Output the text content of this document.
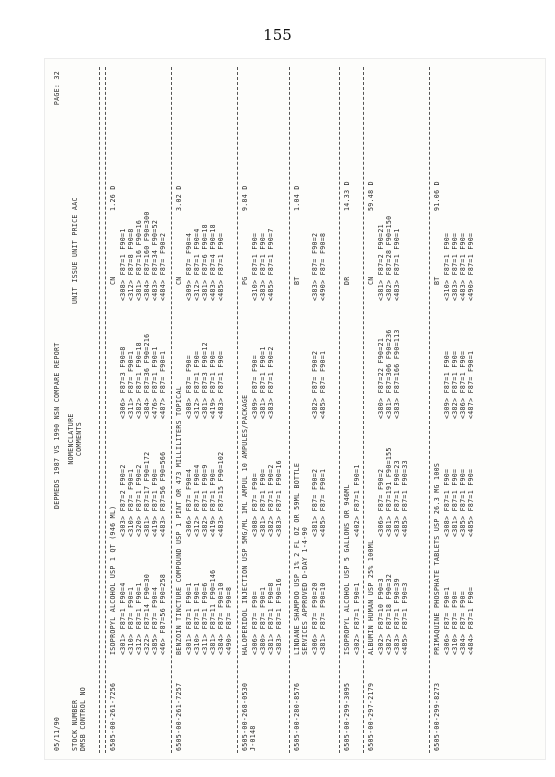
155
05/11/90
DEPMEDS 1987 VS 1990 NSN COMPARE REPORT
PAGE: 32
STOCK NUMBER DMSB CONTROL NO
NOMENCLATURE COMMENTS
UNIT ISSUE UNIT PRICE AAC
6505-00-261-7256
ISOPROPYL ALCOHOL USP 1 QT (946 ML)
CN
1.26 D
<301> F87=1 F90=4 <310> F87= F90=1 <312> F87=1 F90=1 <322> F87=14 F90=30 <385> F87= F90=4 <46> F87=56 F90=258
<303> F87=2 F90=2 <310> F87= F90=1 <320> F87=1 F90=2 <381> F87=17 F90=172 <419> F87=1 F90= <483> F87=56 F90=566
<306> F87=3 F90=8 <311> F87= F90=1 <382> F87=1 F90=18 <384> F87=36 F90=216 <476> F87=1 F90=1 <487> F87= F90=1
<308> F87=1 F90=1 <312> F87=8 F90=8 <381> F87=16 F90=16 <384> F87=160 F90=300 <483> F87=34 F90=52 <484> F87= F90=2
6505-00-261-7257
BENZOIN TINCTURE COMPOUND USP 1 PINT OR 473 MILLILITERS TOPICAL
CN
3.02 D
<301> F87=1 F90=1 <310> F87=1 F90=1 <311> F87=1 F90=6 <381> F87=11 F90=146 <384> F87= F90=10 <490> F87= F90=8
<306> F87= F90=4 <312> F87=1 F90=4 <382> F87=1 F90=9 <419> F87=1 F90= <483> F87=15 F90=102
<308> F87= F90= <312> F87=1 F90= <381> F87=3 F90=12 <419> F87=1 F90= <483> F87=1 F90=
<309> F87= F90=4 <312> F87=1 F90=4 <381> F87=6 F90=18 <483> F87=4 F90=18 <485> F87=1 F90=
6505-00-268-0530 J-0148
HALOPERIDOL INJECTION USP 5MG/ML 1ML AMPUL 10 AMPULES/PACKAGE
PG
9.84 D
<306> F87= F90= <380> F87= F90=1 <381> F87=1 F90=8 <383> F87=1 F90=16
<308> F87= F90= <381> F87=1 F90= <382> F87=1 F90=2 <383> F87=1 F90=16
<309> F87= F90= <381> F87=1 F90=1 <383> F87=1 F90=2
<310> F87=1 F90= <383> F87=1 F90= <485> F87=1 F90=7
6505-00-280-8576
LINDANE SHAMPOO USP 1% 2 FL OZ OR 59ML BOTTLE SERVICES APPROVED D-DAY 1-4-90
BT
1.04 D
<306> F87= F90=20 <381> F87= F90=10
<381> F87= F90=2 <485> F87= F90=1
<382> F87= F90=2 <485> F87= F90=1
<383> F87= F90=2 <490> F87= F90=8
6505-00-299-3095
ISOPROPYL ALCOHOL USP 5 GALLONS OR 946ML
DR
14.33 D
<302> F87=1 F90=1
<402> F87=1 F90=1
6505-00-297-2179
ALBUMIN HUMAN USP 25% 100ML
CN
59.48 D
<302> F87=10 F90=3 <382> F87=18 F90=32 <383> F87=1 F90=39 <485> F87=1 F90=3
<306> F87= F90=2 <381> F87=191 F90=155 <383> F87=1 F90=23 <485> F87=1 F90=33
<380> F87=22 F90=21 <381> F87=306 F90=236 <383> F87=166 F90=113
<381> F87=2 F90=21 <382> F87=28 F90=150 <483> F87=1 F90=1
6505-00-299-8273
PRIMAQUINE PHOSPHATE TABLETS USP 26.3 MG 100S
BT
91.06 D
<306> F87= F90=1 <310> F87= F90= <384> F87= F90= <484> F87=1 F90=
<308> F87=1 F90= <381> F87=1 F90= <385> F87=1 F90= <485> F87=1 F90=
<309> F87=1 F90= <382> F87=1 F90= <386> F87=1 F90= <487> F87= F90=1
<310> F87=1 F90= <383> F87=1 F90= <483> F87=1 F90= <490> F87=1 F90=
